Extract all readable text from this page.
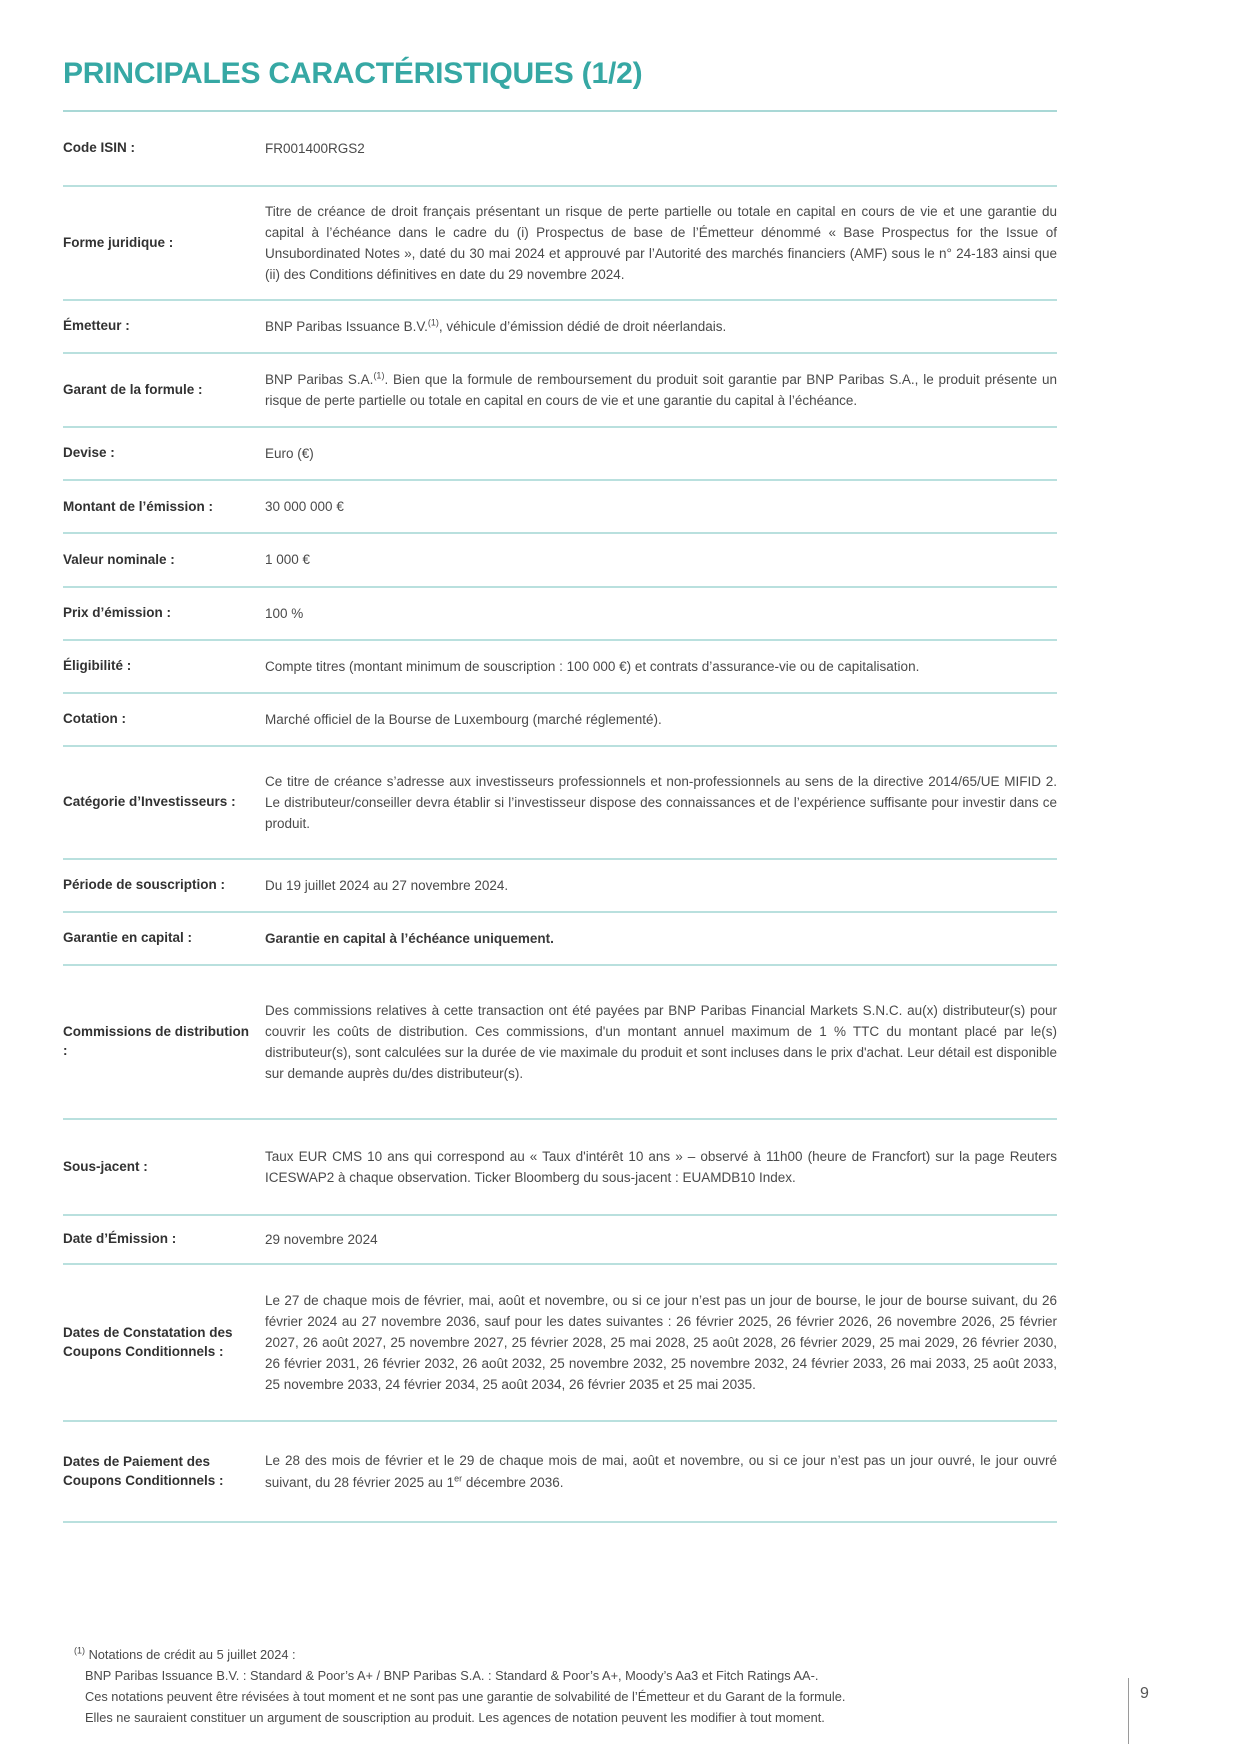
PRINCIPALES CARACTÉRISTIQUES (1/2)
Code ISIN :	FR001400RGS2
Forme juridique :
Titre de créance de droit français présentant un risque de perte partielle ou totale en capital en cours de vie et une garantie du capital à l’échéance dans le cadre du (i) Prospectus de base de l’Émetteur dénommé « Base Prospectus for the Issue of Unsubordinated Notes », daté du 30 mai 2024 et approuvé par l’Autorité des marchés financiers (AMF) sous le n° 24-183 ainsi que (ii) des Conditions définitives en date du 29 novembre 2024.
Émetteur :	BNP Paribas Issuance B.V.$^{(1)}$, véhicule d’émission dédié de droit néerlandais.
Garant de la formule :
BNP Paribas S.A.$^{(1)}$. Bien que la formule de remboursement du produit soit garantie par BNP Paribas S.A., le produit présente un risque de perte partielle ou totale en capital en cours de vie et une garantie du capital à l’échéance.
Devise :	Euro (€)
Montant de l’émission :	30 000 000 €
Valeur nominale :	1 000 €
Prix d’émission :	100 %
Éligibilité :	Compte titres (montant minimum de souscription : 100 000 €) et contrats d’assurance-vie ou de capitalisation.
Cotation :	Marché officiel de la Bourse de Luxembourg (marché réglementé).
Catégorie d’Investisseurs :
Ce titre de créance s’adresse aux investisseurs professionnels et non-professionnels au sens de la directive 2014/65/UE MIFID 2. Le distributeur/conseiller devra établir si l’investisseur dispose des connaissances et de l’expérience suffisante pour investir dans ce produit.
Période de souscription :	Du 19 juillet 2024 au 27 novembre 2024.
Garantie en capital :	Garantie en capital à l’échéance uniquement.
Commissions de distribution :
Des commissions relatives à cette transaction ont été payées par BNP Paribas Financial Markets S.N.C. au(x) distributeur(s) pour couvrir les coûts de distribution. Ces commissions, d'un montant annuel maximum de 1 % TTC du montant placé par le(s) distributeur(s), sont calculées sur la durée de vie maximale du produit et sont incluses dans le prix d'achat. Leur détail est disponible sur demande auprès du/des distributeur(s).
Sous-jacent :
Taux EUR CMS 10 ans qui correspond au « Taux d'intérêt 10 ans » – observé à 11h00 (heure de Francfort) sur la page Reuters ICESWAP2 à chaque observation. Ticker Bloomberg du sous-jacent : EUAMDB10 Index.
Date d’Émission :	29 novembre 2024
Dates de Constatation des Coupons Conditionnels :
Le 27 de chaque mois de février, mai, août et novembre, ou si ce jour n’est pas un jour de bourse, le jour de bourse suivant, du 26 février 2024 au 27 novembre 2036, sauf pour les dates suivantes : 26 février 2025, 26 février 2026, 26 novembre 2026, 25 février 2027, 26 août 2027, 25 novembre 2027, 25 février 2028, 25 mai 2028, 25 août 2028, 26 février 2029, 25 mai 2029, 26 février 2030, 26 février 2031, 26 février 2032, 26 août 2032, 25 novembre 2032, 25 novembre 2032, 24 février 2033, 26 mai 2033, 25 août 2033, 25 novembre 2033, 24 février 2034, 25 août 2034, 26 février 2035 et 25 mai 2035.
Dates de Paiement des Coupons Conditionnels :
Le 28 des mois de février et le 29 de chaque mois de mai, août et novembre, ou si ce jour n’est pas un jour ouvré, le jour ouvré suivant, du 28 février 2025 au 1er décembre 2036.

$^{(1)}$ Notations de crédit au 5 juillet 2024 :

BNP Paribas Issuance B.V. : Standard & Poor’s A+ / BNP Paribas S.A. : Standard & Poor’s A+, Moody’s Aa3 et Fitch Ratings AA-.

Ces notations peuvent être révisées à tout moment et ne sont pas une garantie de solvabilité de l’Émetteur et du Garant de la formule.

Elles ne sauraient constituer un argument de souscription au produit. Les agences de notation peuvent les modifier à tout moment.

9
